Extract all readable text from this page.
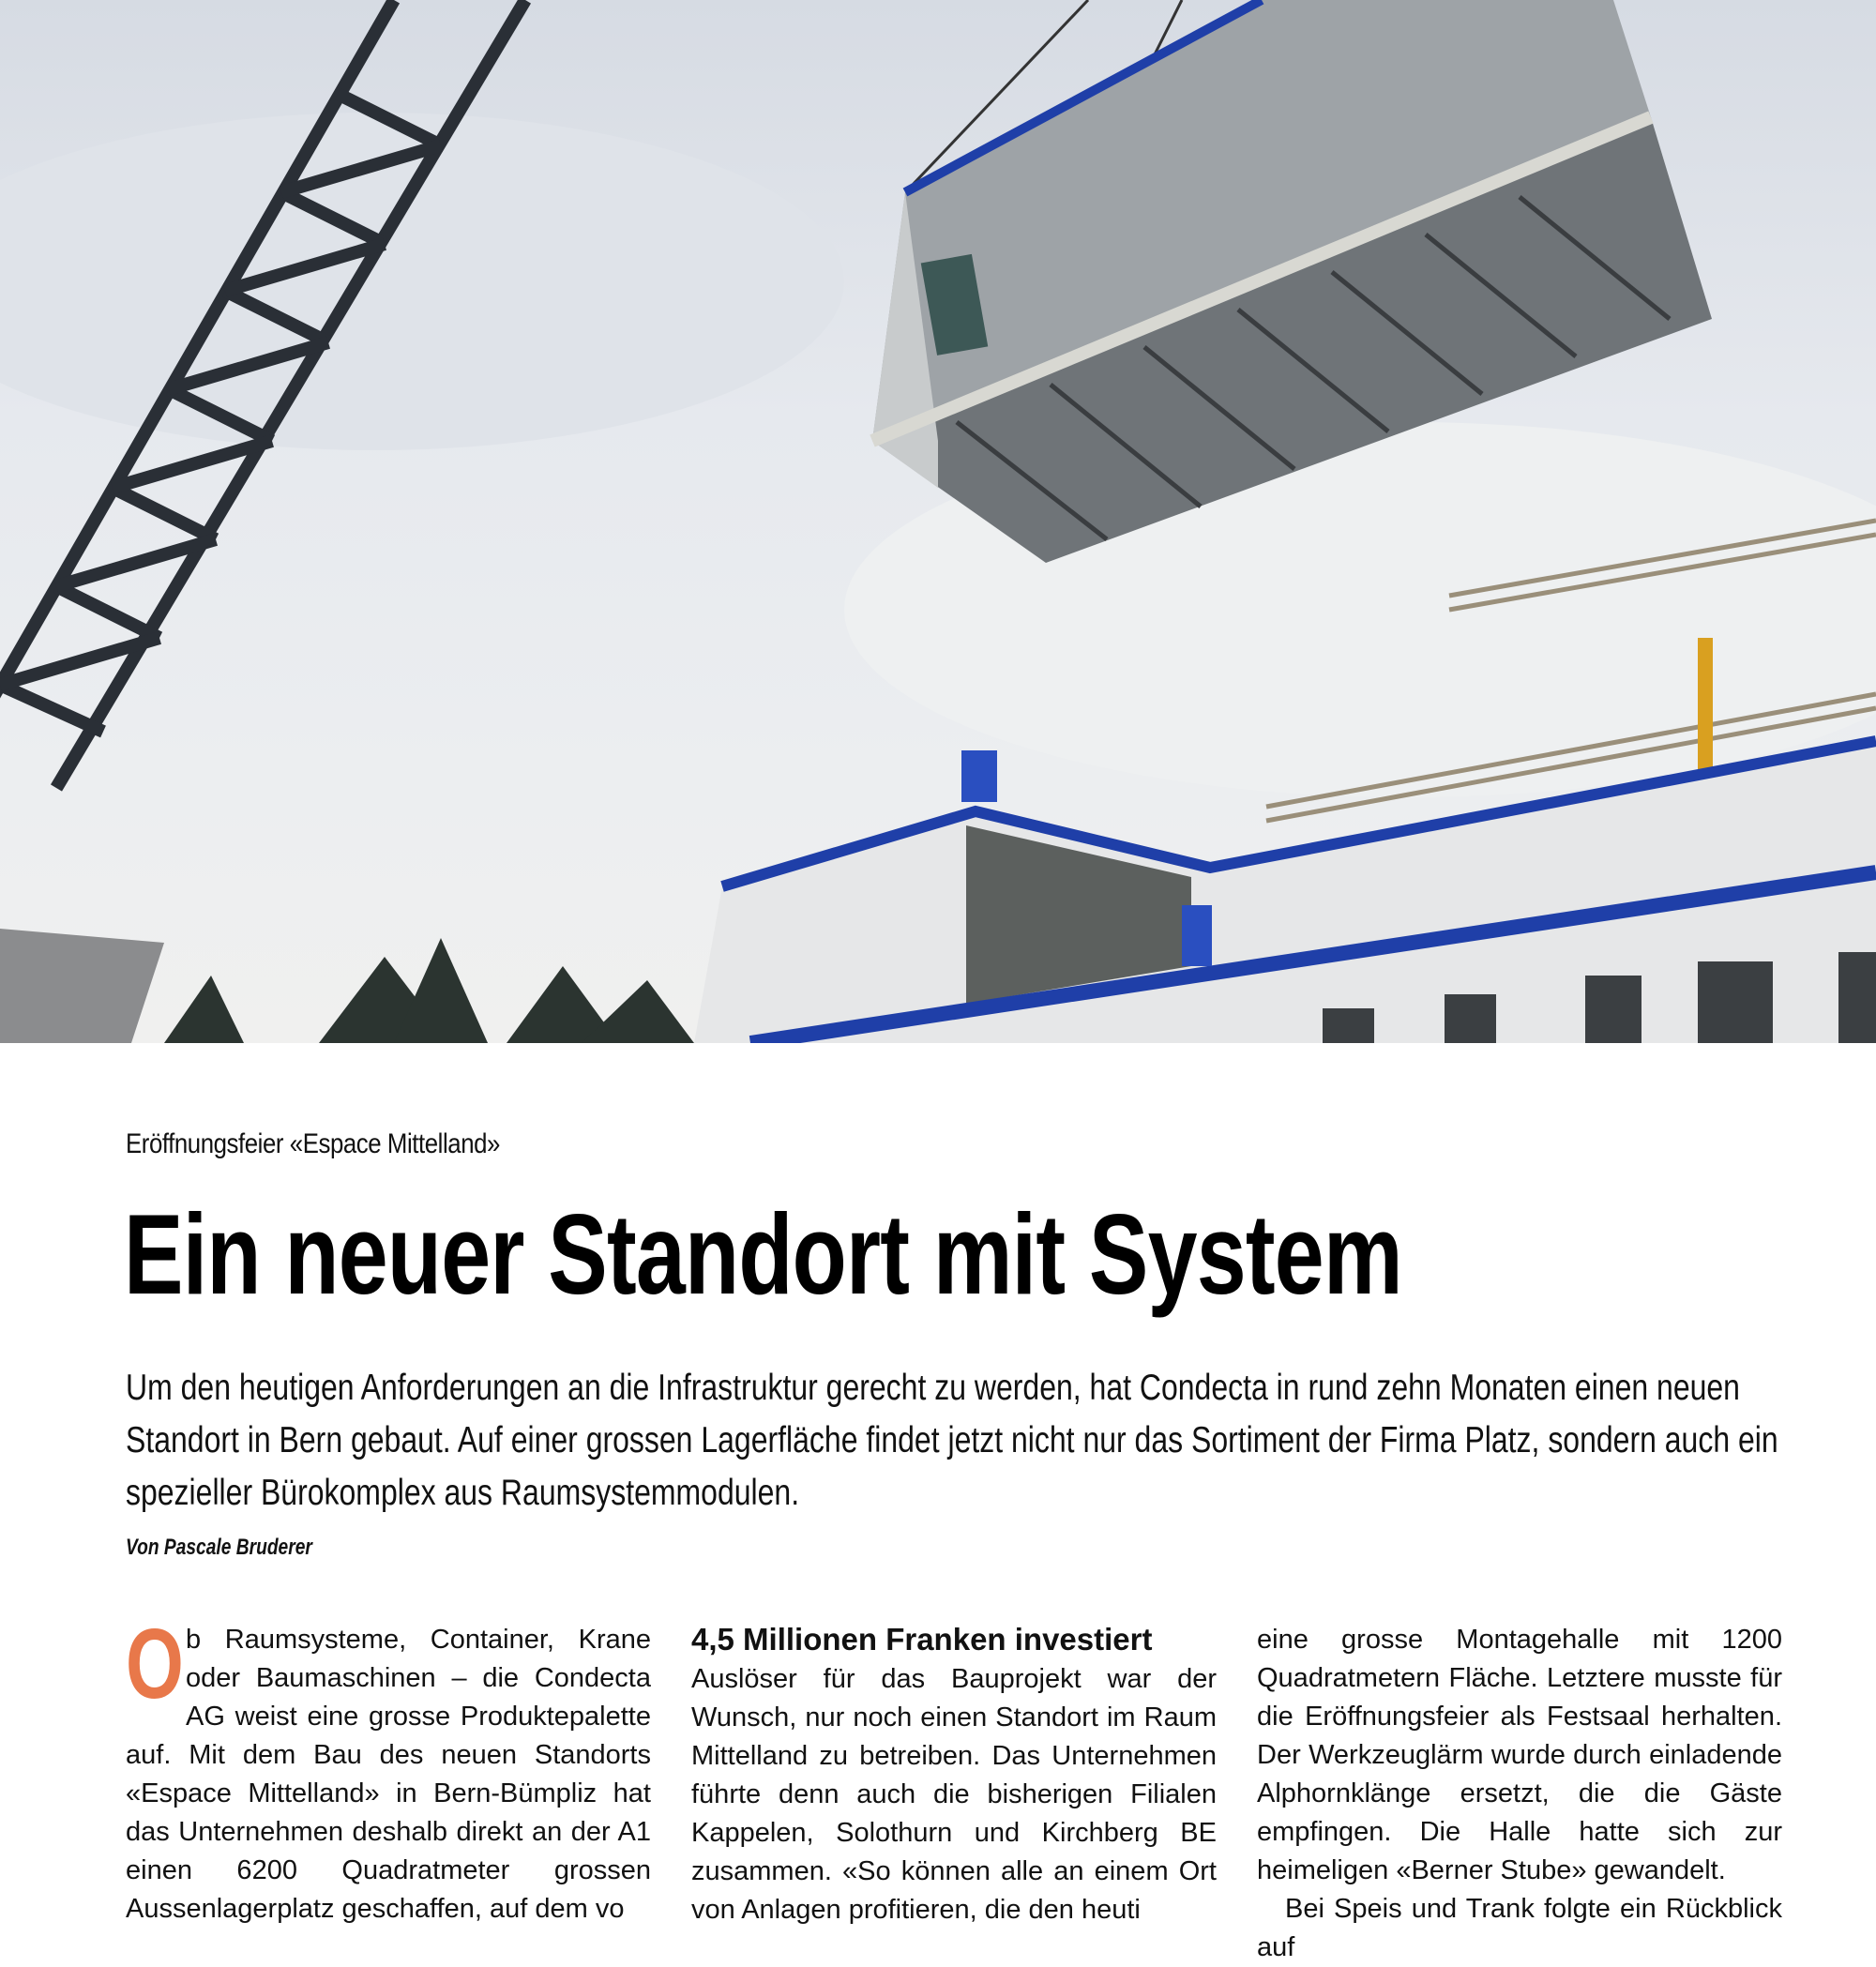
Eröffnungsfeier «Espace Mittelland»
Ein neuer Standort mit System
Um den heutigen Anforderungen an die Infrastruktur gerecht zu werden, hat Condecta in rund zehn Monaten einen neuen Standort in Bern gebaut. Auf einer grossen Lagerfläche findet jetzt nicht nur das Sortiment der Firma Platz, sondern auch ein spezieller Bürokomplex aus Raumsystemmodulen.
Von Pascale Bruderer
O b Raumsysteme, Container, Krane oder Baumaschinen – die Condecta AG weist eine grosse Produktepalette auf. Mit dem Bau des neuen Standorts «Espace Mittelland» in Bern-Bümpliz hat das Unternehmen deshalb direkt an der A1 einen 6200 Quadratmeter grossen Aussenlagerplatz geschaffen, auf dem vo

4,5 Millionen Franken investiert

Auslöser für das Bauprojekt war der Wunsch, nur noch einen Standort im Raum Mittelland zu betreiben. Das Unternehmen führte denn auch die bisherigen Filialen Kappelen, Solothurn und Kirchberg BE zusammen. «So können alle an einem Ort von Anlagen profitieren, die den heuti

eine grosse Montagehalle mit 1200 Quadratmetern Fläche. Letztere musste für die Eröffnungsfeier als Festsaal herhalten. Der Werkzeuglärm wurde durch einladende Alphornklänge ersetzt, die die Gäste empfingen. Die Halle hatte sich zur heimeligen «Berner Stube» gewandelt.

Bei Speis und Trank folgte ein Rückblick auf
